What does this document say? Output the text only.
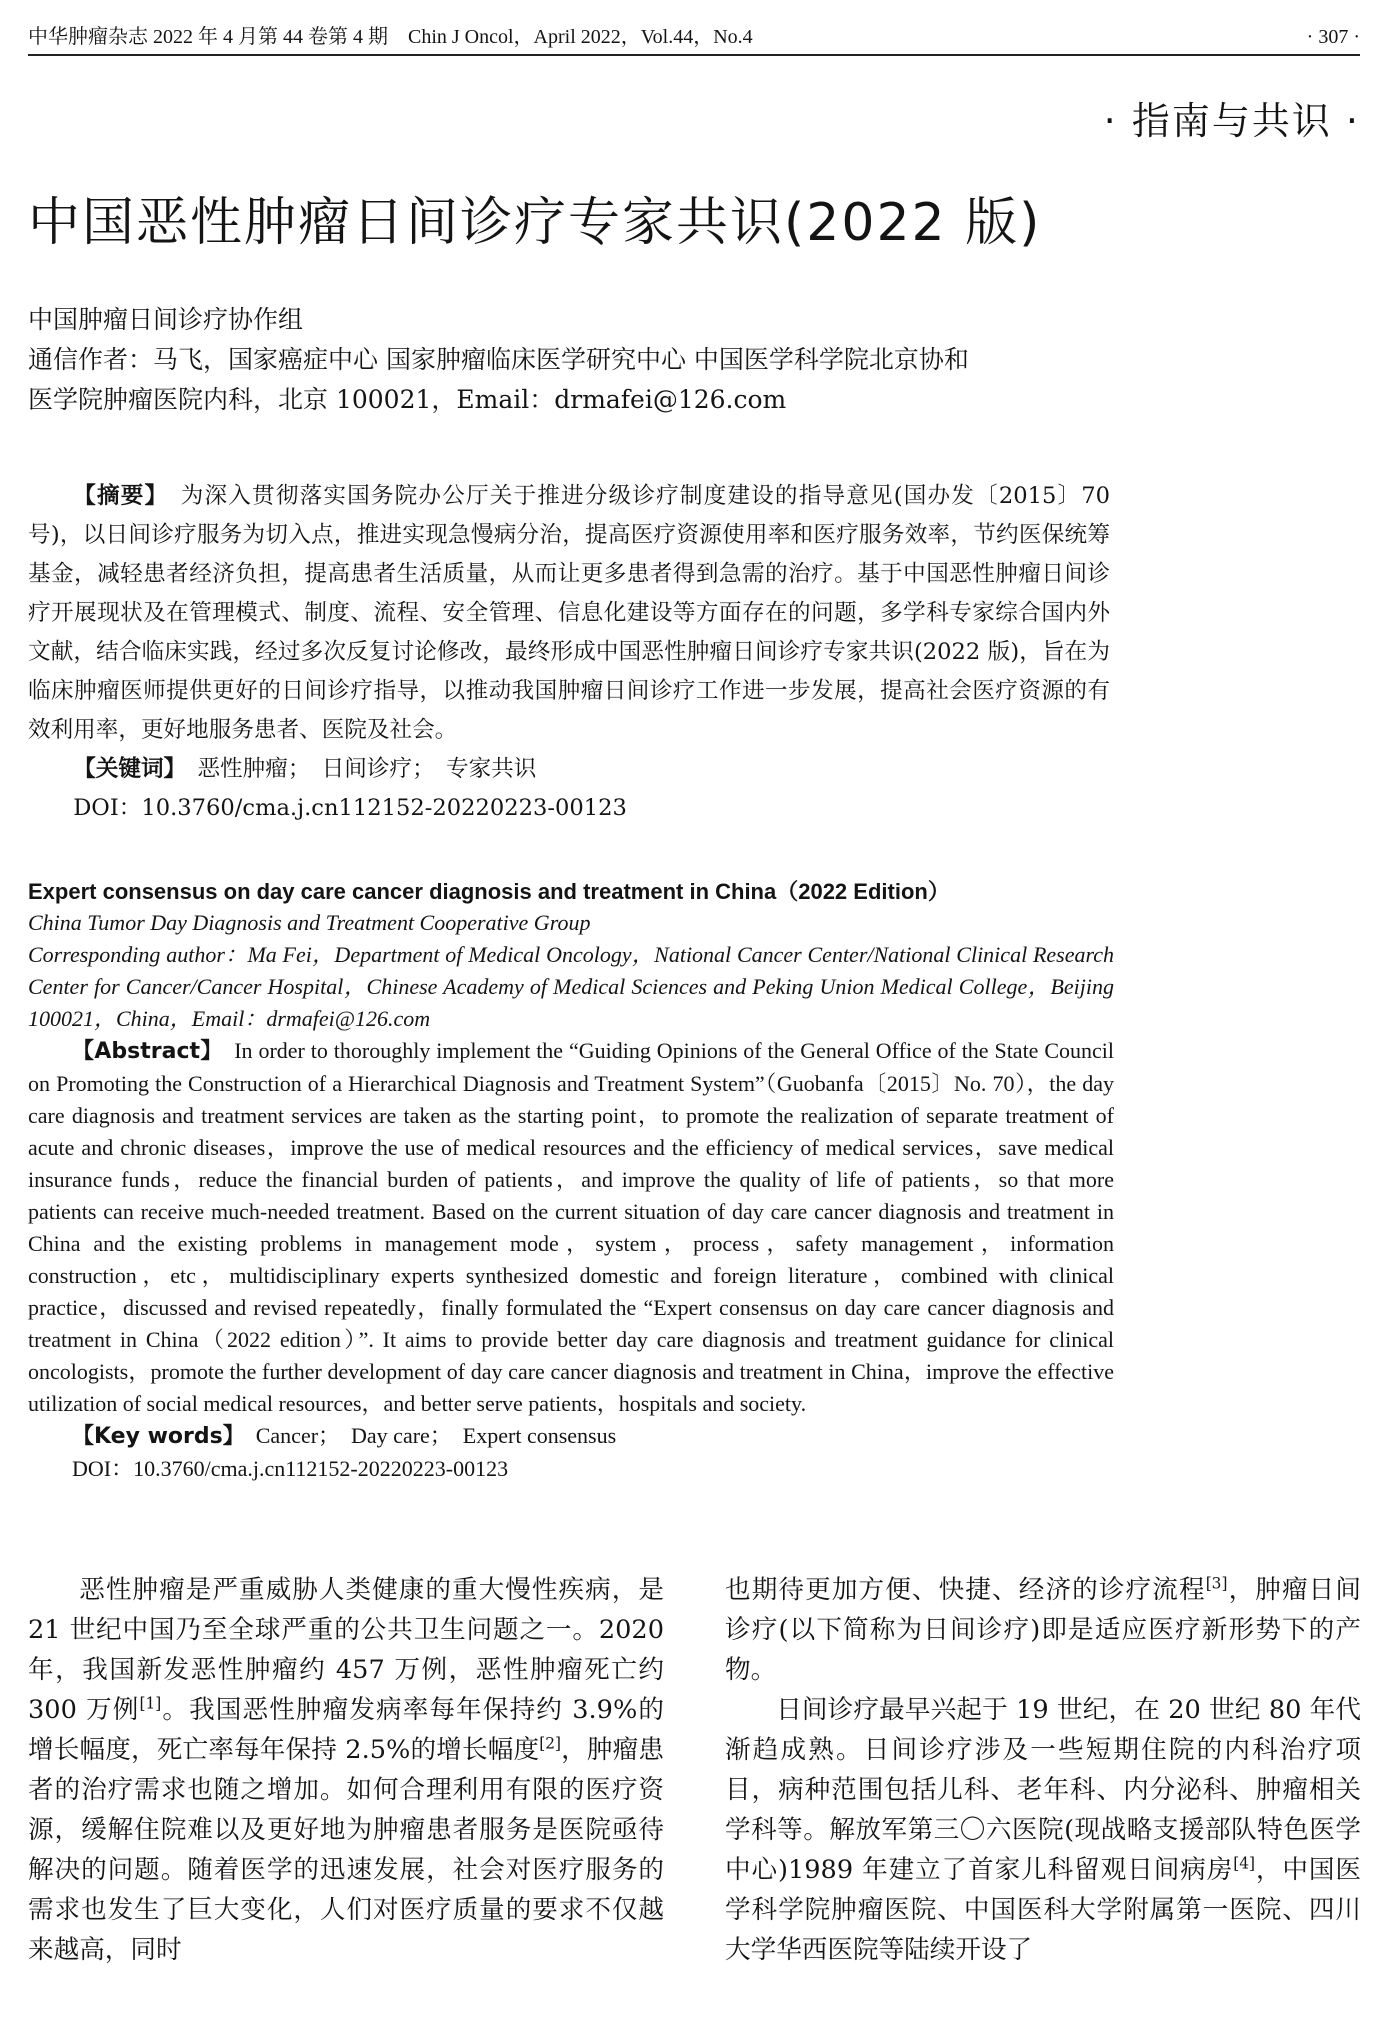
中华肿瘤杂志 2022 年 4 月第 44 卷第 4 期　Chin J Oncol，April 2022，Vol.44，No.4	· 307 ·
· 指南与共识 ·
中国恶性肿瘤日间诊疗专家共识(2022 版)
中国肿瘤日间诊疗协作组
通信作者：马飞，国家癌症中心 国家肿瘤临床医学研究中心 中国医学科学院北京协和
医学院肿瘤医院内科，北京 100021，Email：drmafei@126.com
【摘要】　 为深入贯彻落实国务院办公厅关于推进分级诊疗制度建设的指导意见(国办发〔2015〕70号)，以日间诊疗服务为切入点，推进实现急慢病分治，提高医疗资源使用率和医疗服务效率，节约医保统筹基金，减轻患者经济负担，提高患者生活质量，从而让更多患者得到急需的治疗。基于中国恶性肿瘤日间诊疗开展现状及在管理模式、制度、流程、安全管理、信息化建设等方面存在的问题，多学科专家综合国内外文献，结合临床实践，经过多次反复讨论修改，最终形成中国恶性肿瘤日间诊疗专家共识(2022 版)，旨在为临床肿瘤医师提供更好的日间诊疗指导，以推动我国肿瘤日间诊疗工作进一步发展，提高社会医疗资源的有效利用率，更好地服务患者、医院及社会。
【关键词】　 恶性肿瘤；　日间诊疗；　专家共识
DOI：10.3760/cma.j.cn112152-20220223-00123
Expert consensus on day care cancer diagnosis and treatment in China（2022 Edition）
China Tumor Day Diagnosis and Treatment Cooperative Group
Corresponding author：Ma Fei，Department of Medical Oncology，National Cancer Center/National Clinical Research Center for Cancer/Cancer Hospital，Chinese Academy of Medical Sciences and Peking Union Medical College，Beijing 100021，China，Email：drmafei@126.com
【Abstract】　 In order to thoroughly implement the “Guiding Opinions of the General Office of the State Council on Promoting the Construction of a Hierarchical Diagnosis and Treatment System”（Guobanfa〔2015〕No. 70），the day care diagnosis and treatment services are taken as the starting point，to promote the realization of separate treatment of acute and chronic diseases，improve the use of medical resources and the efficiency of medical services，save medical insurance funds，reduce the financial burden of patients，and improve the quality of life of patients，so that more patients can receive much-needed treatment. Based on the current situation of day care cancer diagnosis and treatment in China and the existing problems in management mode，system，process，safety management，information construction，etc，multidisciplinary experts synthesized domestic and foreign literature，combined with clinical practice，discussed and revised repeatedly，finally formulated the “Expert consensus on day care cancer diagnosis and treatment in China（2022 edition）”. It aims to provide better day care diagnosis and treatment guidance for clinical oncologists，promote the further development of day care cancer diagnosis and treatment in China，improve the effective utilization of social medical resources，and better serve patients，hospitals and society.
【Key words】　 Cancer；　Day care；　Expert consensus
DOI：10.3760/cma.j.cn112152-20220223-00123
恶性肿瘤是严重威胁人类健康的重大慢性疾病，是 21 世纪中国乃至全球严重的公共卫生问题之一。2020 年，我国新发恶性肿瘤约 457 万例，恶性肿瘤死亡约 300 万例[1]。我国恶性肿瘤发病率每年保持约 3.9%的增长幅度，死亡率每年保持 2.5%的增长幅度[2]，肿瘤患者的治疗需求也随之增加。如何合理利用有限的医疗资源，缓解住院难以及更好地为肿瘤患者服务是医院亟待解决的问题。随着医学的迅速发展，社会对医疗服务的需求也发生了巨大变化，人们对医疗质量的要求不仅越来越高，同时
也期待更加方便、快捷、经济的诊疗流程[3]，肿瘤日间诊疗(以下简称为日间诊疗)即是适应医疗新形势下的产物。
日间诊疗最早兴起于 19 世纪，在 20 世纪 80 年代渐趋成熟。日间诊疗涉及一些短期住院的内科治疗项目，病种范围包括儿科、老年科、内分泌科、肿瘤相关学科等。解放军第三〇六医院(现战略支援部队特色医学中心)1989 年建立了首家儿科留观日间病房[4]，中国医学科学院肿瘤医院、中国医科大学附属第一医院、四川大学华西医院等陆续开设了
